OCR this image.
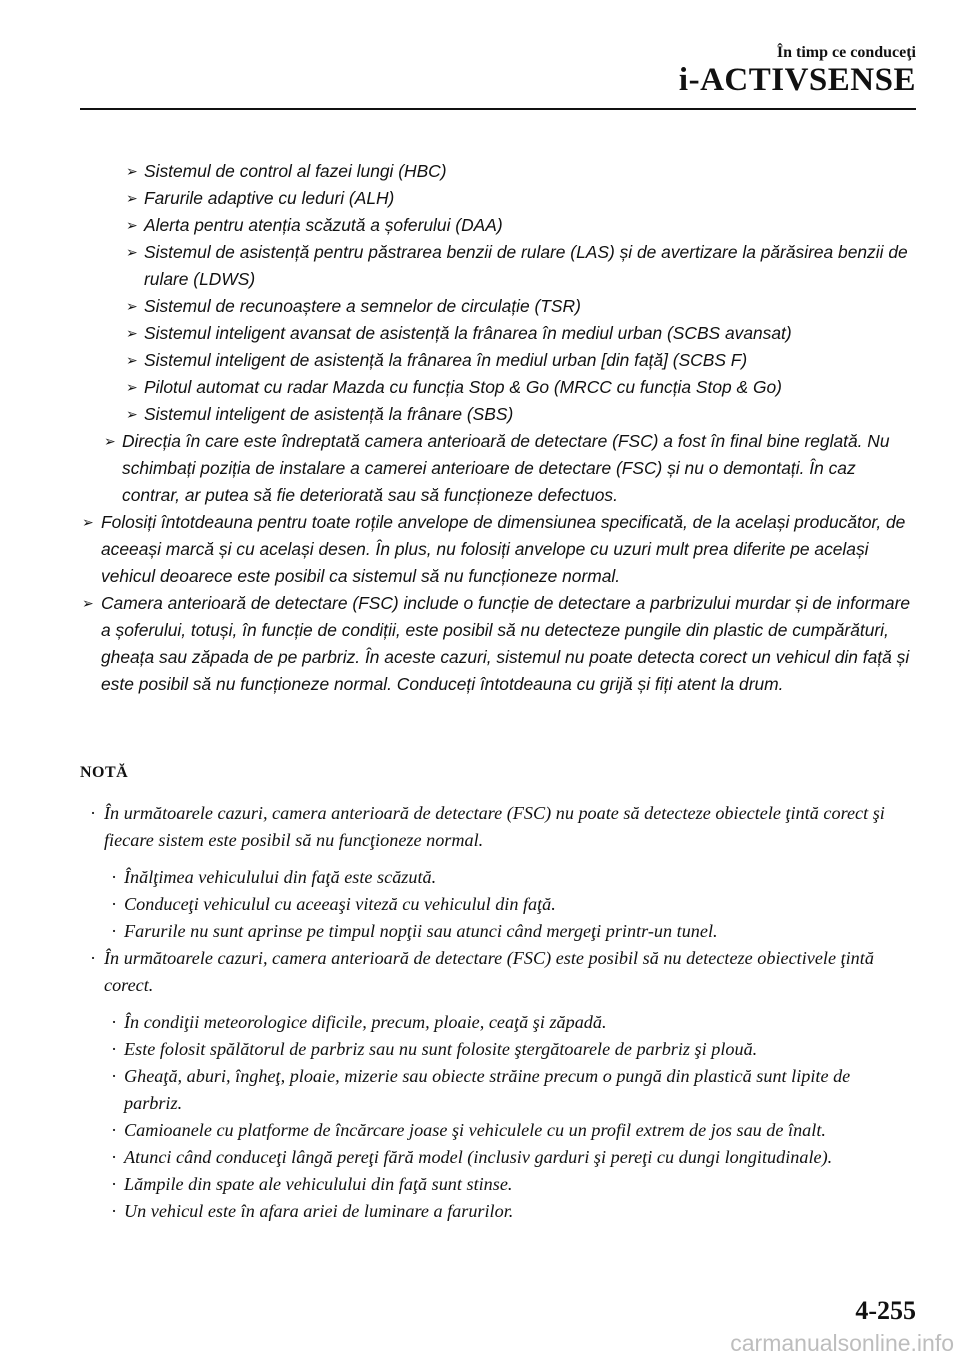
În timp ce conduceţi
i-ACTIVSENSE
➢ Sistemul de control al fazei lungi (HBC)
➢ Farurile adaptive cu leduri (ALH)
➢ Alerta pentru atenția scăzută a șoferului (DAA)
➢ Sistemul de asistență pentru păstrarea benzii de rulare (LAS) și de avertizare la părăsirea benzii de rulare (LDWS)
➢ Sistemul de recunoaștere a semnelor de circulație (TSR)
➢ Sistemul inteligent avansat de asistență la frânarea în mediul urban (SCBS avansat)
➢ Sistemul inteligent de asistență la frânarea în mediul urban [din față] (SCBS F)
➢ Pilotul automat cu radar Mazda cu funcția Stop & Go (MRCC cu funcția Stop & Go)
➢ Sistemul inteligent de asistență la frânare (SBS)
➢ Direcția în care este îndreptată camera anterioară de detectare (FSC) a fost în final bine reglată. Nu schimbați poziția de instalare a camerei anterioare de detectare (FSC) și nu o demontați. În caz contrar, ar putea să fie deteriorată sau să funcționeze defectuos.
➢ Folosiți întotdeauna pentru toate roțile anvelope de dimensiunea specificată, de la același producător, de aceeași marcă și cu același desen. În plus, nu folosiți anvelope cu uzuri mult prea diferite pe același vehicul deoarece este posibil ca sistemul să nu funcționeze normal.
➢ Camera anterioară de detectare (FSC) include o funcție de detectare a parbrizului murdar și de informare a șoferului, totuși, în funcție de condiții, este posibil să nu detecteze pungile din plastic de cumpărături, gheața sau zăpada de pe parbriz. În aceste cazuri, sistemul nu poate detecta corect un vehicul din față și este posibil să nu funcționeze normal. Conduceți întotdeauna cu grijă și fiți atent la drum.
NOTĂ
· În următoarele cazuri, camera anterioară de detectare (FSC) nu poate să detecteze obiectele ţintă corect şi fiecare sistem este posibil să nu funcţioneze normal.
· Înălţimea vehiculului din faţă este scăzută.
· Conduceţi vehiculul cu aceeaşi viteză cu vehiculul din faţă.
· Farurile nu sunt aprinse pe timpul nopţii sau atunci când mergeţi printr-un tunel.
· În următoarele cazuri, camera anterioară de detectare (FSC) este posibil să nu detecteze obiectivele ţintă corect.
· În condiţii meteorologice dificile, precum, ploaie, ceaţă şi zăpadă.
· Este folosit spălătorul de parbriz sau nu sunt folosite ştergătoarele de parbriz şi plouă.
· Gheaţă, aburi, îngheţ, ploaie, mizerie sau obiecte străine precum o pungă din plastică sunt lipite de parbriz.
· Camioanele cu platforme de încărcare joase şi vehiculele cu un profil extrem de jos sau de înalt.
· Atunci când conduceţi lângă pereţi fără model (inclusiv garduri şi pereţi cu dungi longitudinale).
· Lămpile din spate ale vehiculului din faţă sunt stinse.
· Un vehicul este în afara ariei de luminare a farurilor.
4-255
carmanualsonline.info
